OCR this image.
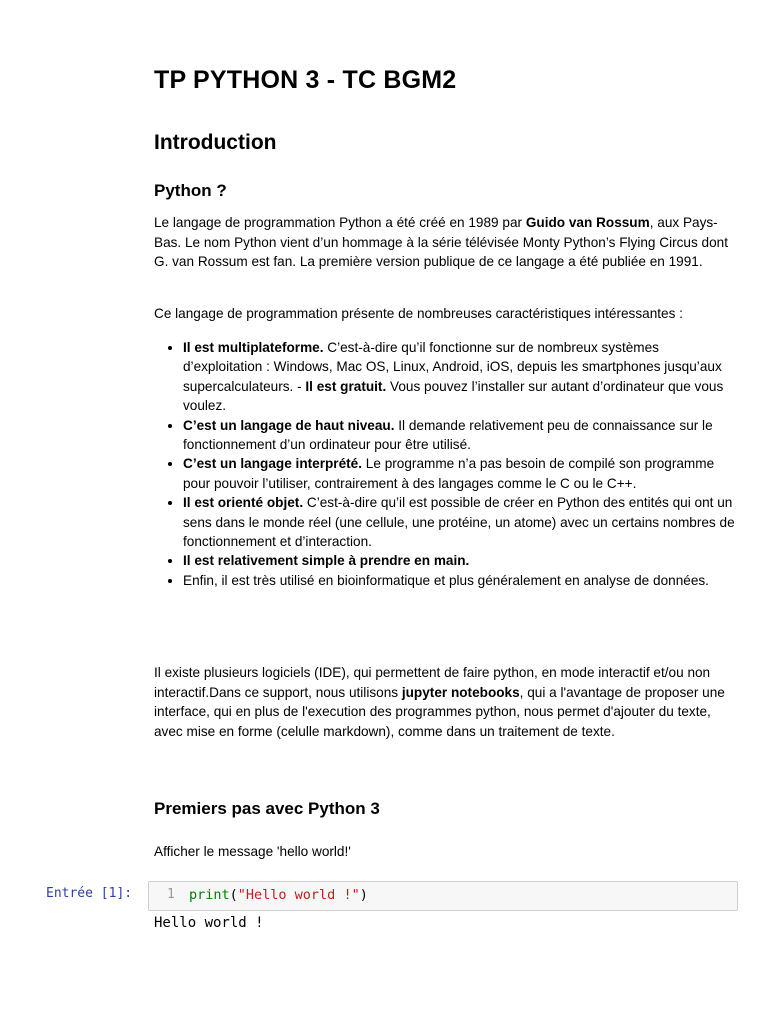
TP PYTHON 3 - TC BGM2
Introduction
Python ?

Le langage de programmation Python a été créé en 1989 par Guido van Rossum, aux Pays-Bas. Le nom Python vient d’un hommage à la série télévisée Monty Python’s Flying Circus dont G. van Rossum est fan. La première version publique de ce langage a été publiée en 1991.

Ce langage de programmation présente de nombreuses caractéristiques intéressantes :

• Il est multiplateforme. C’est-à-dire qu’il fonctionne sur de nombreux systèmes d’exploitation : Windows, Mac OS, Linux, Android, iOS, depuis les smartphones jusqu’aux supercalculateurs. - Il est gratuit. Vous pouvez l’installer sur autant d’ordinateur que vous voulez.
• C’est un langage de haut niveau. Il demande relativement peu de connaissance sur le fonctionnement d’un ordinateur pour être utilisé.
• C’est un langage interprété. Le programme n’a pas besoin de compilé son programme pour pouvoir l’utiliser, contrairement à des langages comme le C ou le C++.
• Il est orienté objet. C’est-à-dire qu’il est possible de créer en Python des entités qui ont un sens dans le monde réel (une cellule, une protéine, un atome) avec un certains nombres de fonctionnement et d’interaction.
• Il est relativement simple à prendre en main.
• Enfin, il est très utilisé en bioinformatique et plus généralement en analyse de données.

Il existe plusieurs logiciels (IDE), qui permettent de faire python, en mode interactif et/ou non interactif.Dans ce support, nous utilisons jupyter notebooks, qui a l'avantage de proposer une interface, qui en plus de l'execution des programmes python, nous permet d'ajouter du texte, avec mise en forme (celulle markdown), comme dans un traitement de texte.

Premiers pas avec Python 3

Afficher le message 'hello world!'

Entrée [1]:	1 print("Hello world !")
Hello world !
